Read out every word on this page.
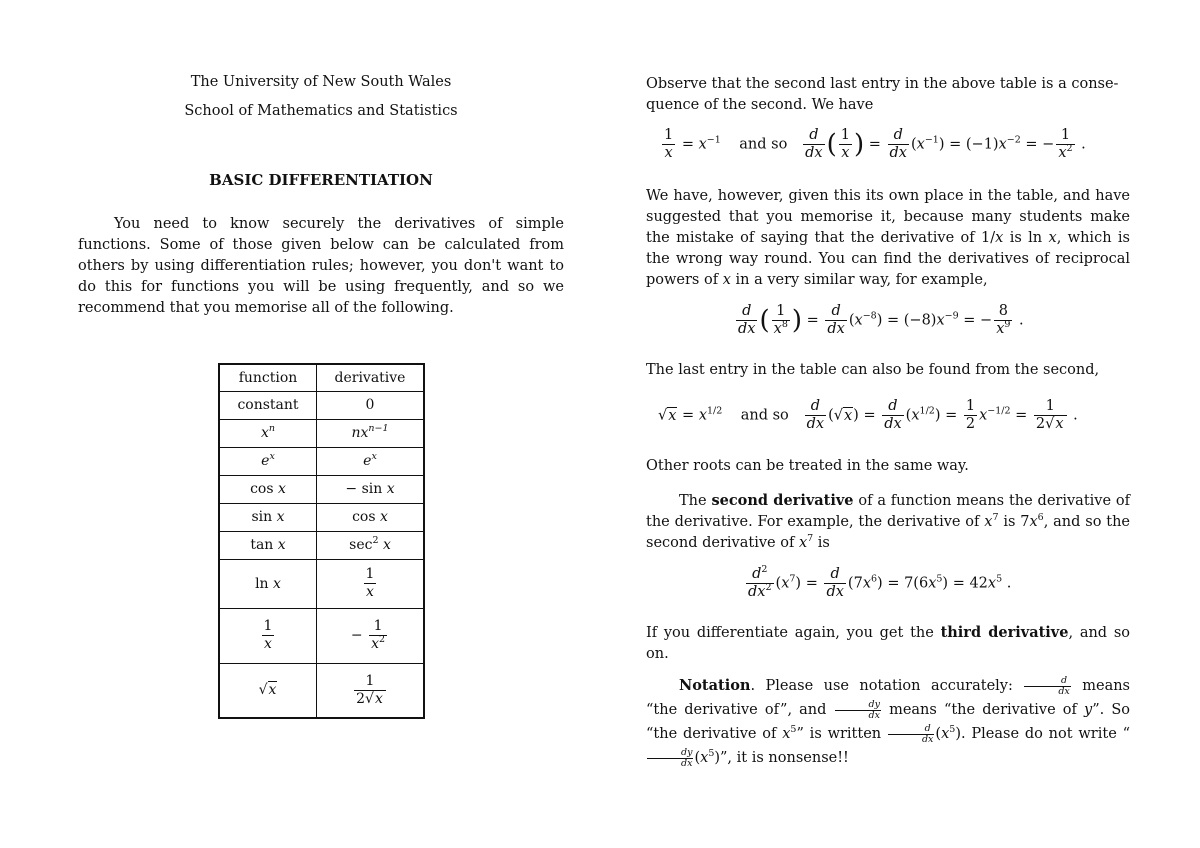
The University of New South Wales
School of Mathematics and Statistics
BASIC DIFFERENTIATION
You need to know securely the derivatives of simple functions. Some of those given below can be calculated from others by using differentiation rules; however, you don't want to do this for functions you will be using frequently, and so we recommend that you memorise all of the following.
function	derivative
constant	0
$x^n$	$nx^{n-1}$
$e^x$	$e^x$
cos x	− sin x
sin x	cos x
tan x	$\sec^2 x$
ln x	$\frac{1}{x}$

$\frac{1}{x}$	− $\frac{1}{x^2}$

√x	$\frac{1}{2√x}$
Observe that the second last entry in the above table is a conse-
quence of the second. We have
$\frac{1}{x} = x^{-1}$ and so $\frac{d}{dx}$ ( $\frac{1}{x}$ ) = $\frac{d}{dx} (x^{-1}) = (-1)x^{-2}$ = − $\frac{1}{x^2}$ .
We have, however, given this its own place in the table, and have suggested that you memorise it, because many students make the mistake of saying that the derivative of 1/x is ln x, which is the wrong way round. You can find the derivatives of reciprocal powers of x in a very similar way, for example,
$\frac{d}{dx}$ ( $\frac{1}{x^8}$ ) = $\frac{d}{dx} (x^{-8}) = (-8)x^{-9}$ = − $\frac{8}{x^9}$ .
The last entry in the table can also be found from the second,
$√x = x^{1/2}$ and so $\frac{d}{dx} (√x) = \frac{d}{dx} (x^{1/2}) = \frac{1}{2} x^{-1/2} = \frac{1}{2√x}$ .
Other roots can be treated in the same way.
The second derivative of a function means the derivative of the derivative. For example, the derivative of $x^7$ is $7x^6$, and so the second derivative of $x^7$ is
$\frac{d^2}{dx^2} (x^7) = \frac{d}{dx} (7x^6) = 7(6x^5) = 42x^5$ .
If you differentiate again, you get the third derivative, and so on.
Notation. Please use notation accurately: $\frac{d}{dx}$ means “the derivative of”, and $\frac{dy}{dx}$ means “the derivative of y”. So “the derivative of $x^5$” is written $\frac{d}{dx} (x^5)$. Please do not write “
$\frac{dy}{dx} (x^5)$”, it is nonsense!!
